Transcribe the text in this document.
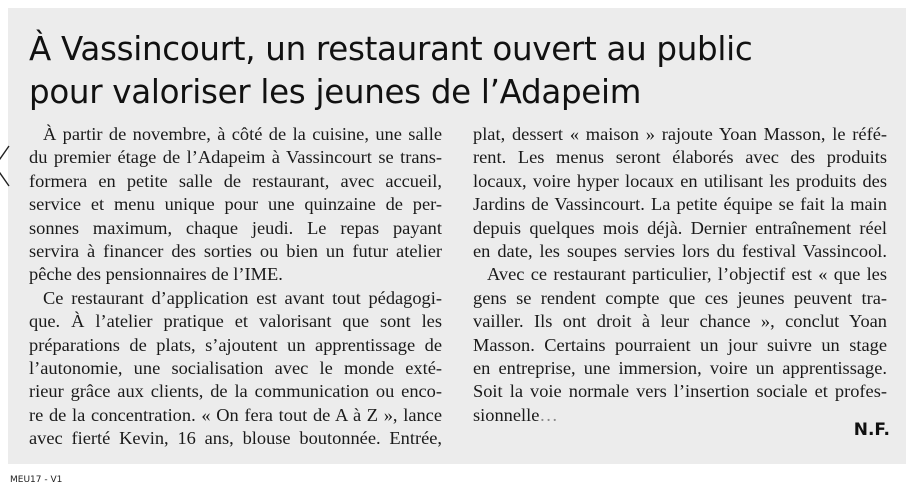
À Vassincourt, un restaurant ouvert au public
pour valoriser les jeunes de l’Adapeim
À partir de novembre, à côté de la cuisine, une salle
du premier étage de l’Adapeim à Vassincourt se trans-
formera en petite salle de restaurant, avec accueil,
service et menu unique pour une quinzaine de per-
sonnes maximum, chaque jeudi. Le repas payant
servira à financer des sorties ou bien un futur atelier
pêche des pensionnaires de l’IME.
Ce restaurant d’application est avant tout pédagogi-
que. À l’atelier pratique et valorisant que sont les
préparations de plats, s’ajoutent un apprentissage de
l’autonomie, une socialisation avec le monde exté-
rieur grâce aux clients, de la communication ou enco-
re de la concentration. « On fera tout de A à Z », lance
avec fierté Kevin, 16 ans, blouse boutonnée. Entrée,
plat, dessert « maison » rajoute Yoan Masson, le réfé-
rent. Les menus seront élaborés avec des produits
locaux, voire hyper locaux en utilisant les produits des
Jardins de Vassincourt. La petite équipe se fait la main
depuis quelques mois déjà. Dernier entraînement réel
en date, les soupes servies lors du festival Vassincool.
Avec ce restaurant particulier, l’objectif est « que les
gens se rendent compte que ces jeunes peuvent tra-
vailler. Ils ont droit à leur chance », conclut Yoan
Masson. Certains pourraient un jour suivre un stage
en entreprise, une immersion, voire un apprentissage.
Soit la voie normale vers l’insertion sociale et profes-
sionnelle…
N.F.
MEU17 - V1
